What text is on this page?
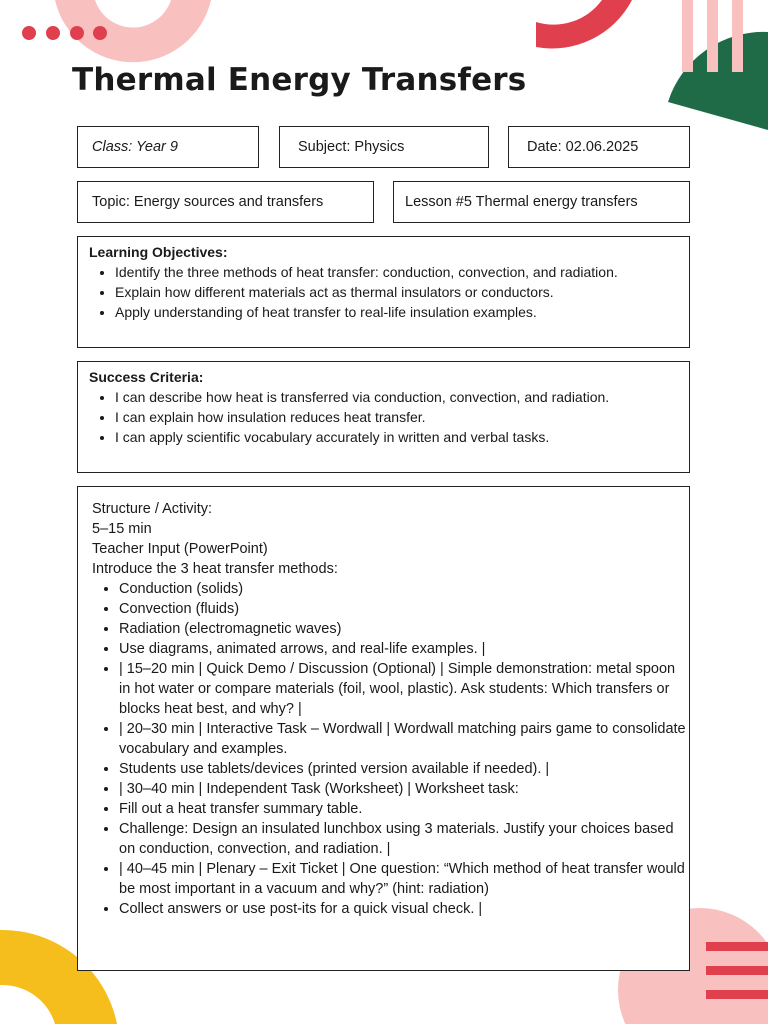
Thermal Energy Transfers
Class: Year 9	Subject: Physics	Date: 02.06.2025
Topic: Energy sources and transfers	Lesson #5 Thermal energy transfers
Learning Objectives:
• Identify the three methods of heat transfer: conduction, convection, and radiation.
• Explain how different materials act as thermal insulators or conductors.
• Apply understanding of heat transfer to real-life insulation examples.
Success Criteria:
• I can describe how heat is transferred via conduction, convection, and radiation.
• I can explain how insulation reduces heat transfer.
• I can apply scientific vocabulary accurately in written and verbal tasks.
Structure / Activity:
5–15 min
Teacher Input (PowerPoint)
Introduce the 3 heat transfer methods:
• Conduction (solids)
• Convection (fluids)
• Radiation (electromagnetic waves)
• Use diagrams, animated arrows, and real-life examples. |
• | 15–20 min | Quick Demo / Discussion (Optional) | Simple demonstration: metal spoon in hot water or compare materials (foil, wool, plastic). Ask students: Which transfers or blocks heat best, and why? |
• | 20–30 min | Interactive Task – Wordwall | Wordwall matching pairs game to consolidate vocabulary and examples.
• Students use tablets/devices (printed version available if needed). |
• | 30–40 min | Independent Task (Worksheet) | Worksheet task:
• Fill out a heat transfer summary table.
• Challenge: Design an insulated lunchbox using 3 materials. Justify your choices based on conduction, convection, and radiation. |
• | 40–45 min | Plenary – Exit Ticket | One question: “Which method of heat transfer would be most important in a vacuum and why?” (hint: radiation)
• Collect answers or use post-its for a quick visual check. |
